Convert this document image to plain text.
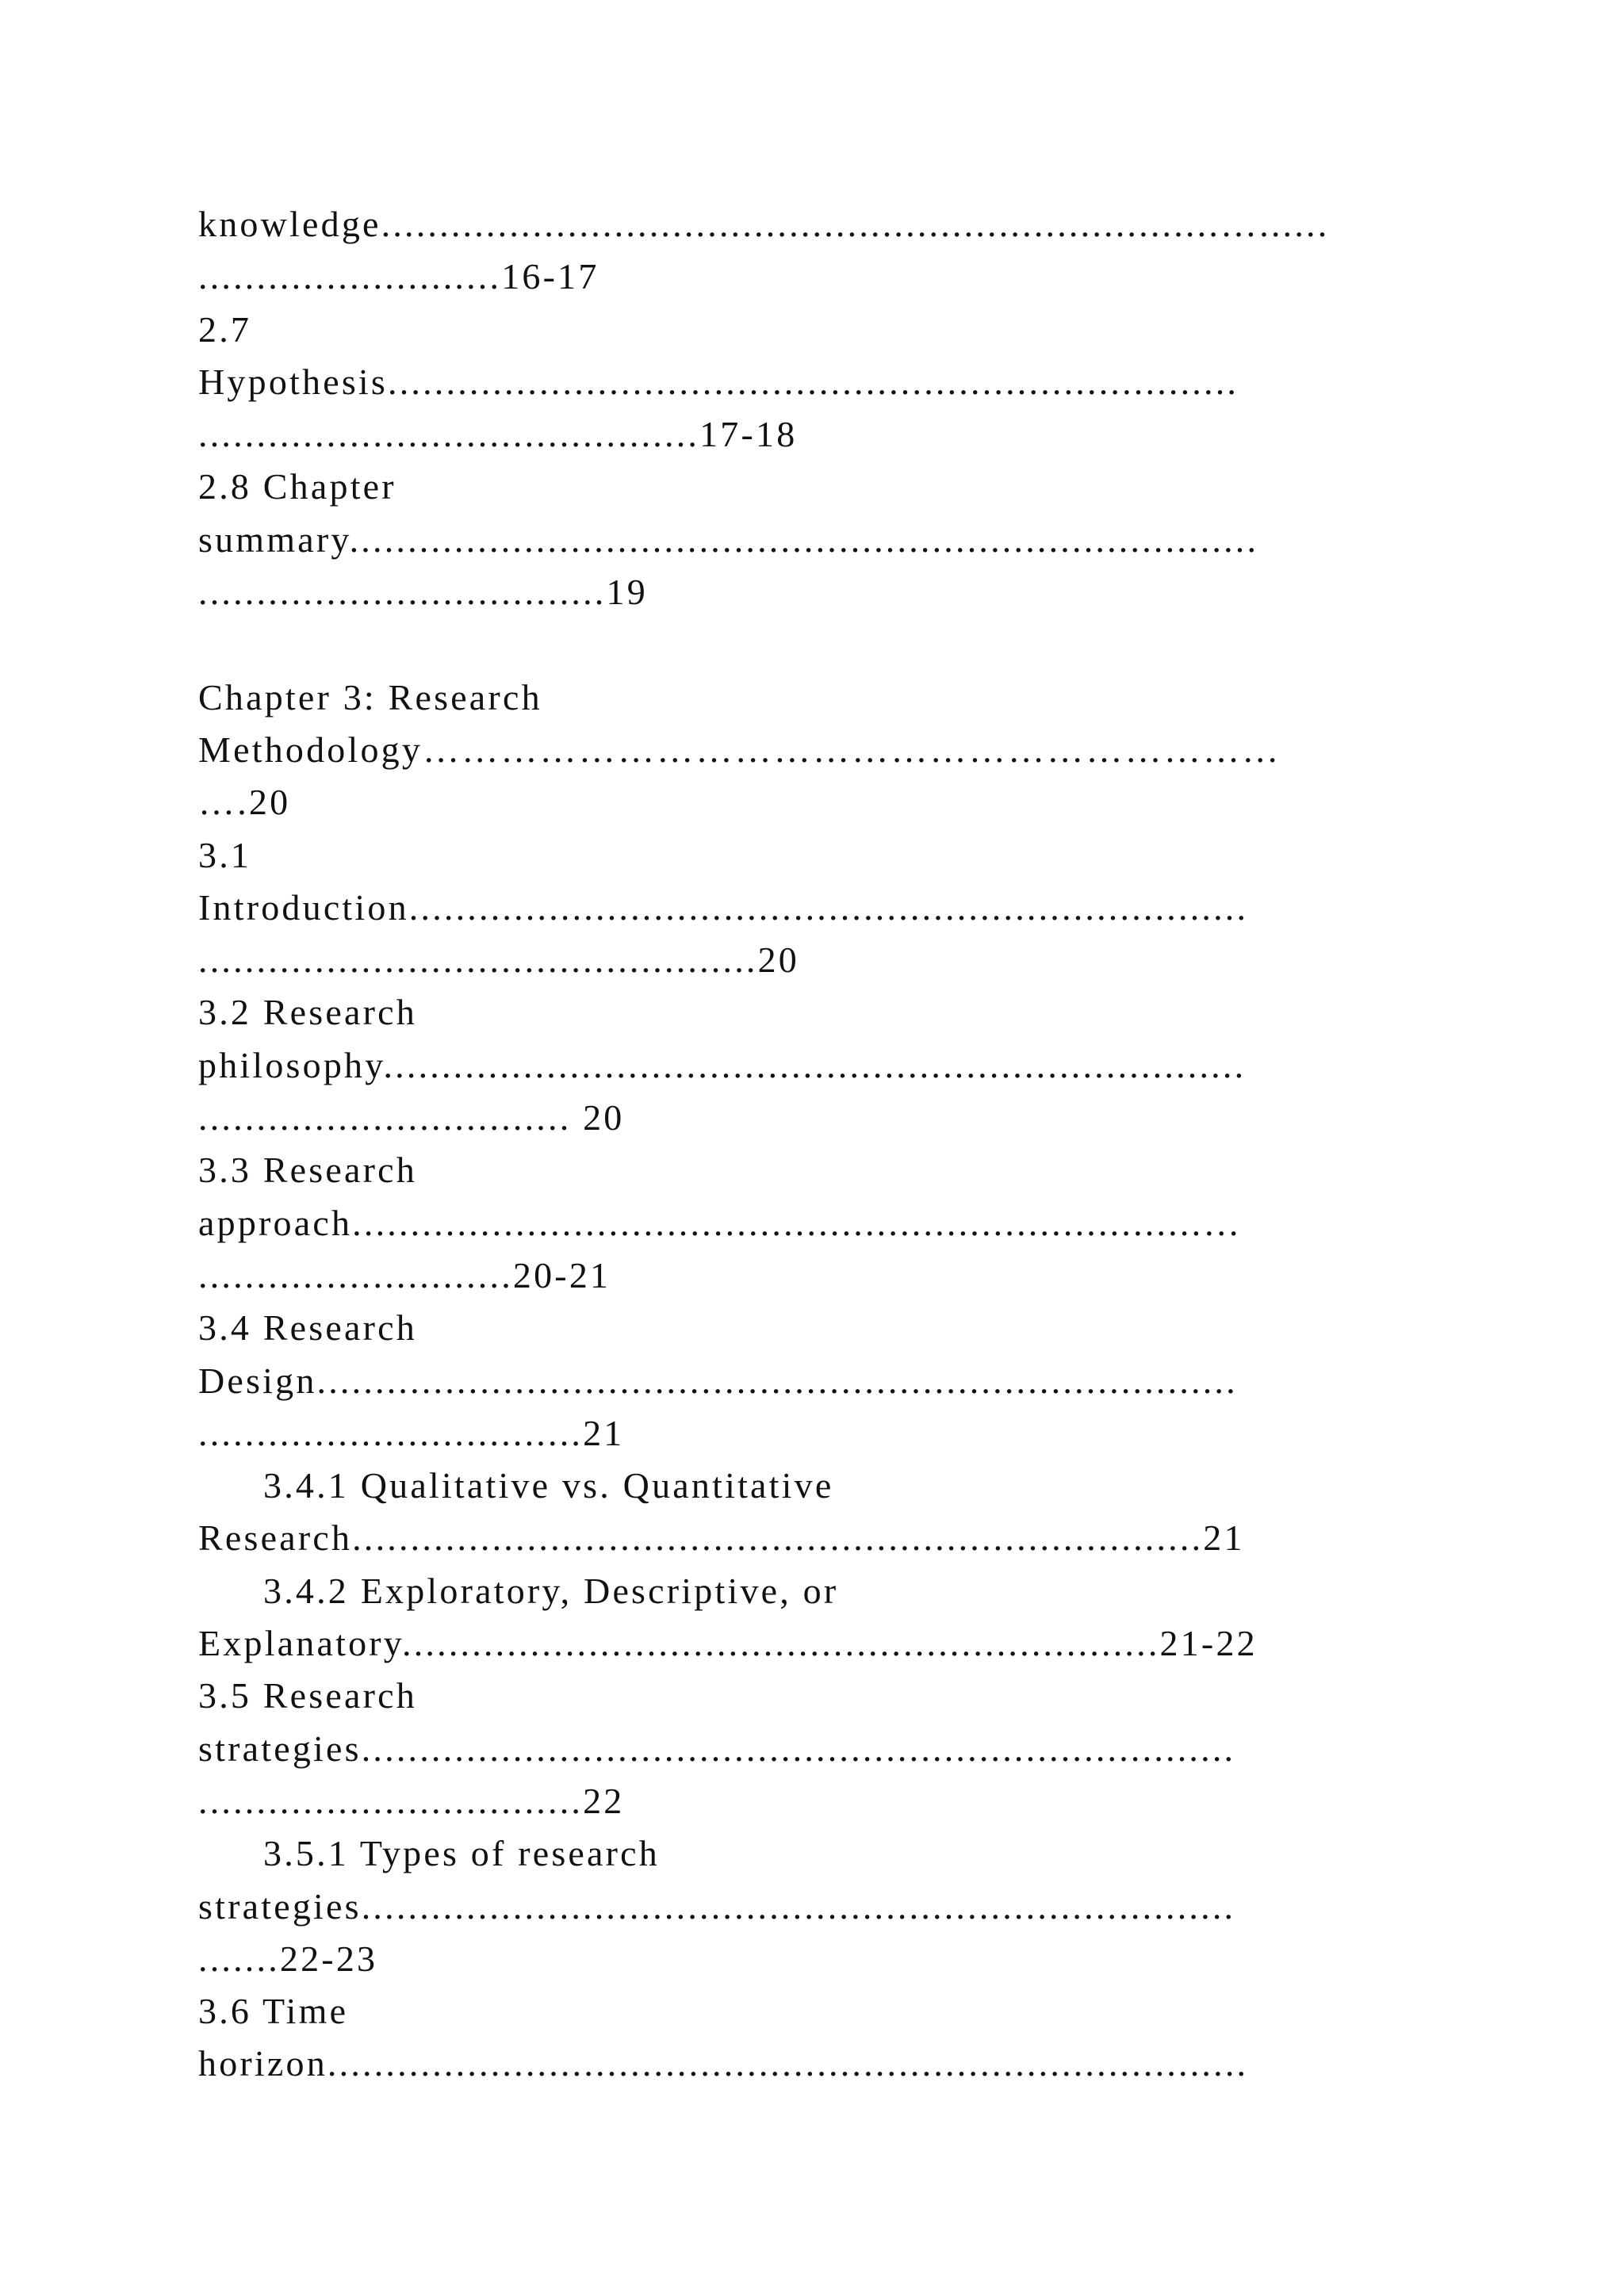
knowledge........................................................................…......
..........................16-17
2.7
Hypothesis.........................................................................
...........................................17-18
2.8 Chapter
summary..............................................................................
...................................19
Chapter 3: Research
Methodology…………………………………………………………
….20
3.1
Introduction........................................................................
................................................20
3.2 Research
philosophy..........................................................................
................................ 20
3.3 Research
approach.........................................................................…
...........................20-21
3.4 Research
Design...............................................................................
.................................21
3.4.1 Qualitative vs. Quantitative
Research.........................................................................21
3.4.2 Exploratory, Descriptive, or
Explanatory.................................................................21-22
3.5 Research
strategies...........................................................................
.................................22
3.5.1 Types of research
strategies...........................................................................
.......22-23
3.6 Time
horizon...............................................................................
